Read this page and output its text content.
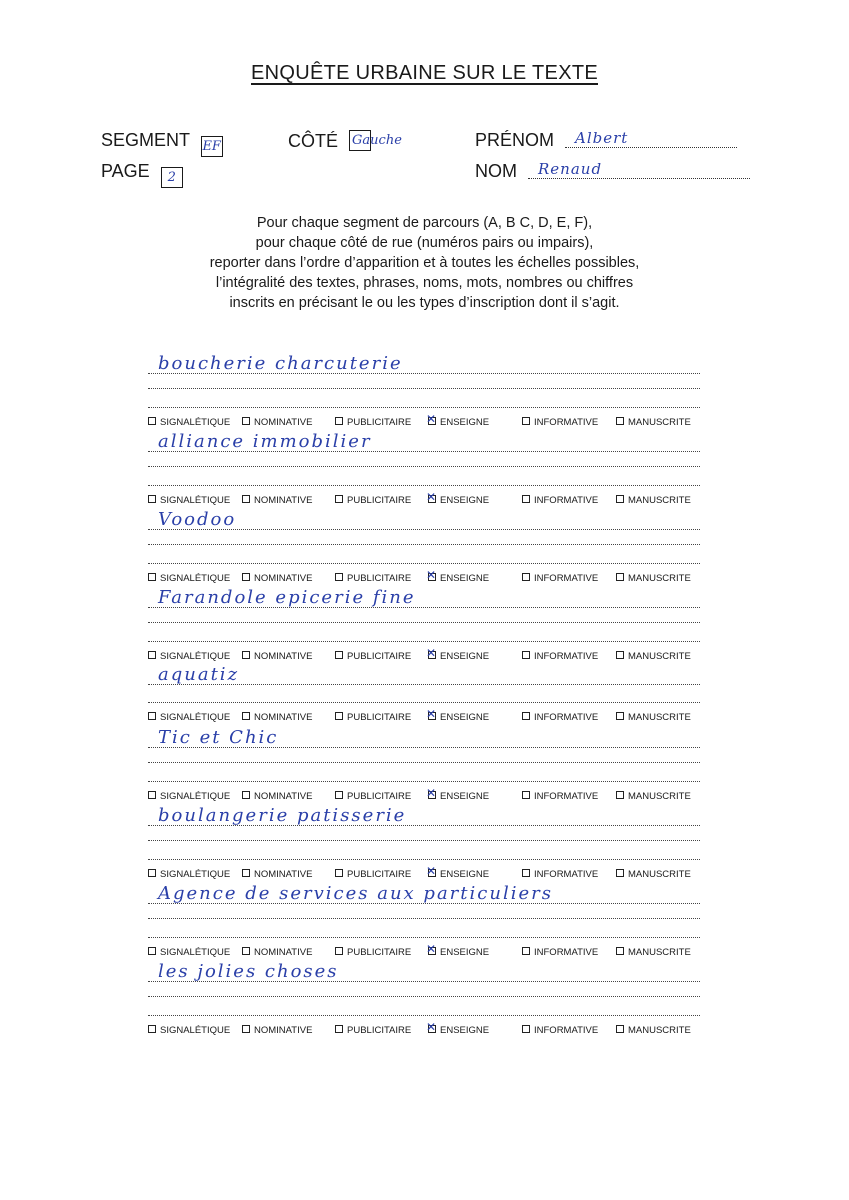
ENQUÊTE URBAINE SUR LE TEXTE
SEGMENT EF	CÔTÉ Gauche	PRÉNOM Albert
PAGE 2	NOM Renaud
Pour chaque segment de parcours (A, B C, D, E, F),
pour chaque côté de rue (numéros pairs ou impairs),
reporter dans l’ordre d’apparition et à toutes les échelles possibles,
l’intégralité des textes, phrases, noms, mots, nombres ou chiffres
inscrits en précisant le ou les types d’inscription dont il s’agit.
boucherie charcuterie
SIGNALÉTIQUE	NOMINATIVE	PUBLICITAIRE ✕	ENSEIGNE	INFORMATIVE	MANUSCRITE
alliance immobilier
SIGNALÉTIQUE	NOMINATIVE	PUBLICITAIRE ✕	ENSEIGNE	INFORMATIVE	MANUSCRITE
Voodoo
SIGNALÉTIQUE	NOMINATIVE	PUBLICITAIRE ✕	ENSEIGNE	INFORMATIVE	MANUSCRITE
Farandole epicerie fine
SIGNALÉTIQUE	NOMINATIVE	PUBLICITAIRE ✕	ENSEIGNE	INFORMATIVE	MANUSCRITE
aquatiz
SIGNALÉTIQUE	NOMINATIVE	PUBLICITAIRE ✕	ENSEIGNE	INFORMATIVE	MANUSCRITE
Tic et Chic
SIGNALÉTIQUE	NOMINATIVE	PUBLICITAIRE ✕	ENSEIGNE	INFORMATIVE	MANUSCRITE
boulangerie patisserie
SIGNALÉTIQUE	NOMINATIVE	PUBLICITAIRE ✕	ENSEIGNE	INFORMATIVE	MANUSCRITE
Agence de services aux particuliers
SIGNALÉTIQUE	NOMINATIVE	PUBLICITAIRE ✕	ENSEIGNE	INFORMATIVE	MANUSCRITE
les jolies choses
SIGNALÉTIQUE	NOMINATIVE	PUBLICITAIRE ✕	ENSEIGNE	INFORMATIVE	MANUSCRITE
